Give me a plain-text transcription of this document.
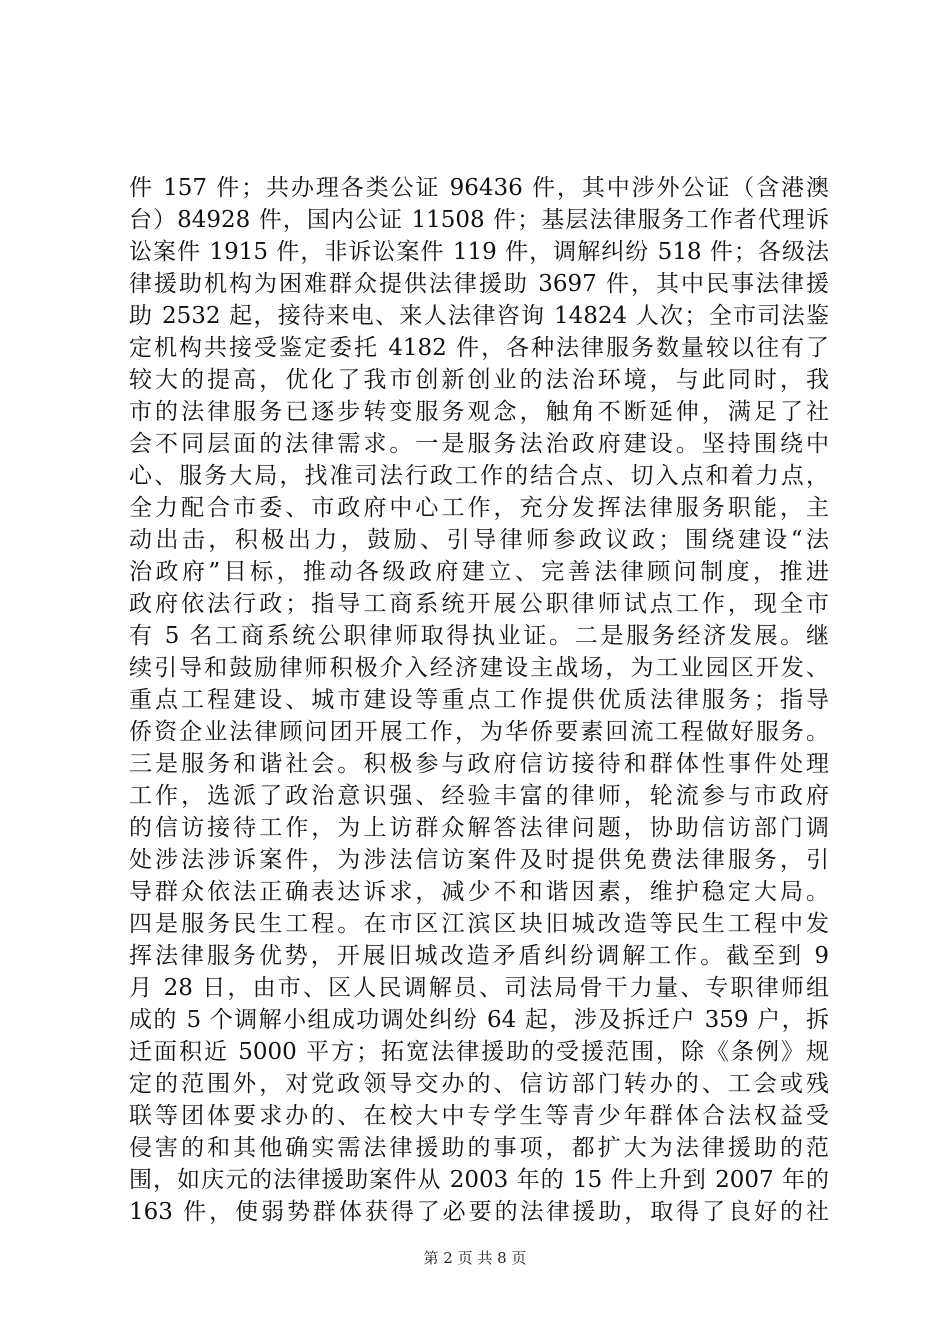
件 157 件；共办理各类公证 96436 件，其中涉外公证（含港澳
台）84928 件，国内公证 11508 件；基层法律服务工作者代理诉
讼案件 1915 件，非诉讼案件 119 件，调解纠纷 518 件；各级法
律援助机构为困难群众提供法律援助 3697 件，其中民事法律援
助 2532 起，接待来电、来人法律咨询 14824 人次；全市司法鉴
定机构共接受鉴定委托 4182 件，各种法律服务数量较以往有了
较大的提高，优化了我市创新创业的法治环境，与此同时，我
市的法律服务已逐步转变服务观念，触角不断延伸，满足了社
会不同层面的法律需求。一是服务法治政府建设。坚持围绕中
心、服务大局，找准司法行政工作的结合点、切入点和着力点，
全力配合市委、市政府中心工作，充分发挥法律服务职能，主
动出击，积极出力，鼓励、引导律师参政议政；围绕建设“法
治政府”目标，推动各级政府建立、完善法律顾问制度，推进
政府依法行政；指导工商系统开展公职律师试点工作，现全市
有 5 名工商系统公职律师取得执业证。二是服务经济发展。继
续引导和鼓励律师积极介入经济建设主战场，为工业园区开发、
重点工程建设、城市建设等重点工作提供优质法律服务；指导
侨资企业法律顾问团开展工作，为华侨要素回流工程做好服务。
三是服务和谐社会。积极参与政府信访接待和群体性事件处理
工作，选派了政治意识强、经验丰富的律师，轮流参与市政府
的信访接待工作，为上访群众解答法律问题，协助信访部门调
处涉法涉诉案件，为涉法信访案件及时提供免费法律服务，引
导群众依法正确表达诉求，减少不和谐因素，维护稳定大局。
四是服务民生工程。在市区江滨区块旧城改造等民生工程中发
挥法律服务优势，开展旧城改造矛盾纠纷调解工作。截至到 9
月 28 日，由市、区人民调解员、司法局骨干力量、专职律师组
成的 5 个调解小组成功调处纠纷 64 起，涉及拆迁户 359 户，拆
迁面积近 5000 平方；拓宽法律援助的受援范围，除《条例》规
定的范围外，对党政领导交办的、信访部门转办的、工会或残
联等团体要求办的、在校大中专学生等青少年群体合法权益受
侵害的和其他确实需法律援助的事项，都扩大为法律援助的范
围，如庆元的法律援助案件从 2003 年的 15 件上升到 2007 年的
163 件，使弱势群体获得了必要的法律援助，取得了良好的社
第 2 页 共 8 页
